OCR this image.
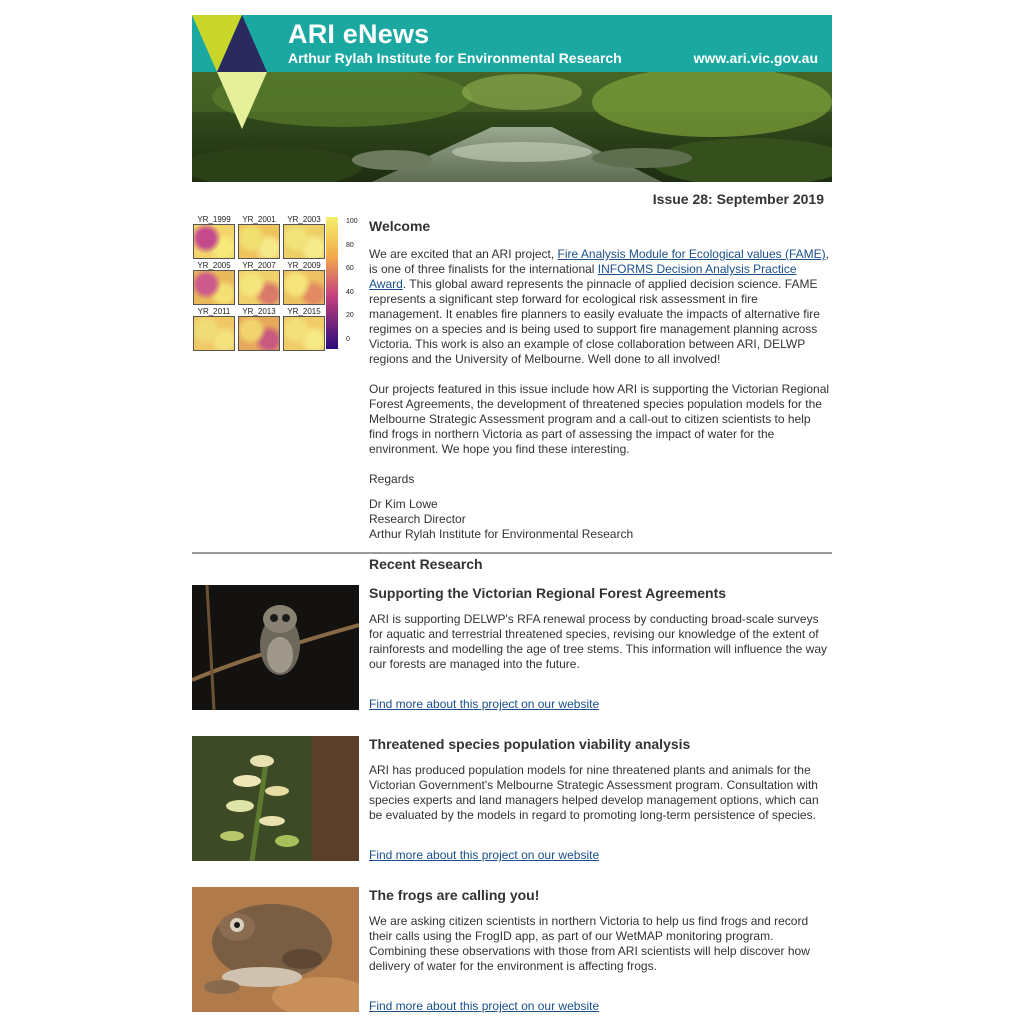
ARI eNews
Arthur Rylah Institute for Environmental Research	www.ari.vic.gov.au
Issue 28: September 2019
YR_1999	YR_2001	YR_2003
YR_2005	YR_2007	YR_2009
YR_2011	YR_2013	YR_2015
100
80
60
40
20
0
Welcome
We are excited that an ARI project, Fire Analysis Module for Ecological values (FAME), is one of three finalists for the international INFORMS Decision Analysis Practice Award. This global award represents the pinnacle of applied decision science. FAME represents a significant step forward for ecological risk assessment in fire management. It enables fire planners to easily evaluate the impacts of alternative fire regimes on a species and is being used to support fire management planning across Victoria. This work is also an example of close collaboration between ARI, DELWP regions and the University of Melbourne. Well done to all involved!
Our projects featured in this issue include how ARI is supporting the Victorian Regional Forest Agreements, the development of threatened species population models for the Melbourne Strategic Assessment program and a call-out to citizen scientists to help find frogs in northern Victoria as part of assessing the impact of water for the environment. We hope you find these interesting.
Regards
Dr Kim Lowe
Research Director
Arthur Rylah Institute for Environmental Research
Recent Research
Supporting the Victorian Regional Forest Agreements
ARI is supporting DELWP's RFA renewal process by conducting broad-scale surveys for aquatic and terrestrial threatened species, revising our knowledge of the extent of rainforests and modelling the age of tree stems. This information will influence the way our forests are managed into the future.
Find more about this project on our website
Threatened species population viability analysis
ARI has produced population models for nine threatened plants and animals for the Victorian Government's Melbourne Strategic Assessment program. Consultation with species experts and land managers helped develop management options, which can be evaluated by the models in regard to promoting long-term persistence of species.
Find more about this project on our website
The frogs are calling you!
We are asking citizen scientists in northern Victoria to help us find frogs and record their calls using the FrogID app, as part of our WetMAP monitoring program. Combining these observations with those from ARI scientists will help discover how delivery of water for the environment is affecting frogs.
Find more about this project on our website
